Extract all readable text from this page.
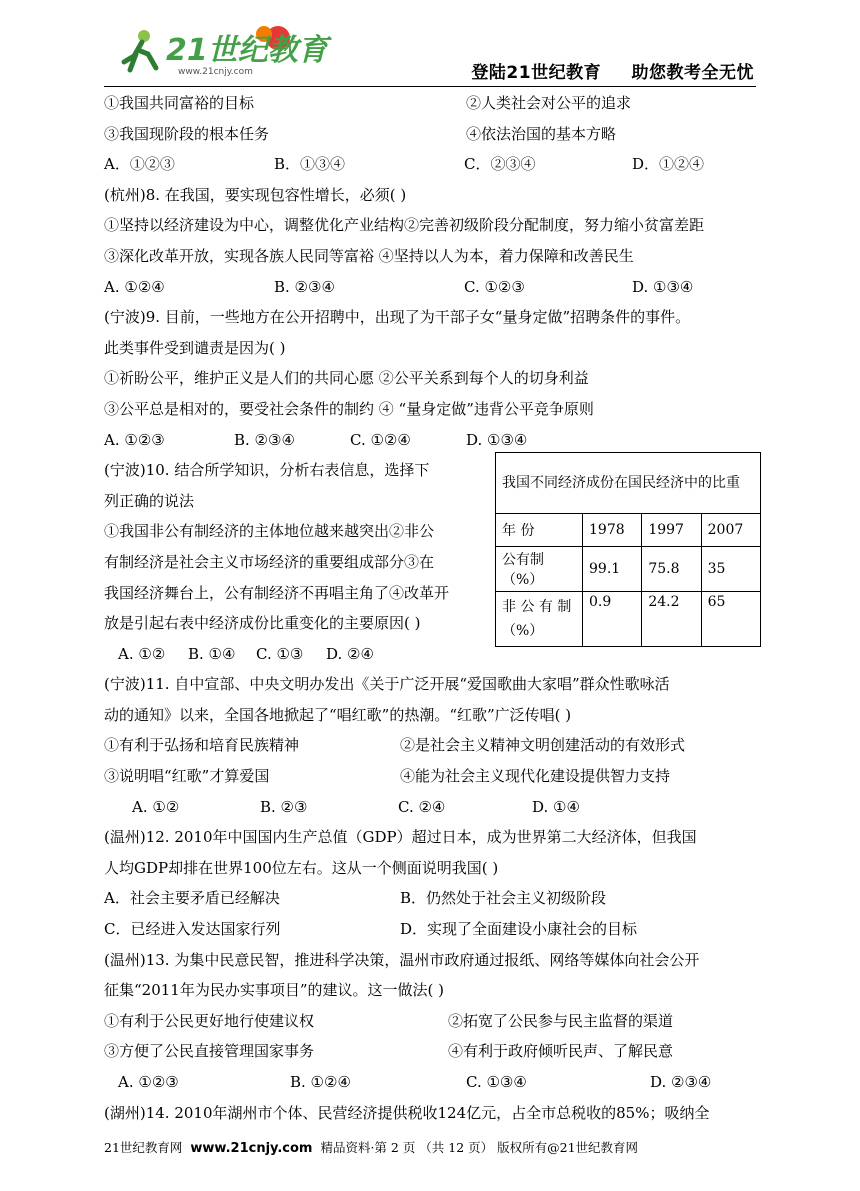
21世纪教育
www.21cnjy.com	登陆21世纪教育 助您教考全无忧
①我国共同富裕的目标	②人类社会对公平的追求
③我国现阶段的根本任务	④依法治国的基本方略
A．①②③	B．①③④	C．②③④	D．①②④
(杭州)8. 在我国，要实现包容性增长，必须( )
①坚持以经济建设为中心，调整优化产业结构②完善初级阶段分配制度，努力缩小贫富差距
③深化改革开放，实现各族人民同等富裕 ④坚持以人为本，着力保障和改善民生
A. ①②④	B. ②③④	C. ①②③	D. ①③④
(宁波)9. 目前，一些地方在公开招聘中，出现了为干部子女“量身定做”招聘条件的事件。
此类事件受到谴责是因为( )
①祈盼公平，维护正义是人们的共同心愿 ②公平关系到每个人的切身利益
③公平总是相对的，要受社会条件的制约 ④ “量身定做”违背公平竞争原则
A. ①②③	B. ②③④	C. ①②④	D. ①③④
(宁波)10. 结合所学知识，分析右表信息，选择下
列正确的说法
①我国非公有制经济的主体地位越来越突出②非公
有制经济是社会主义市场经济的重要组成部分③在
我国经济舞台上，公有制经济不再唱主角了④改革开
放是引起右表中经济成份比重变化的主要原因( )
A. ①② B. ①④ C. ①③ D. ②④
(宁波)11. 自中宣部、中央文明办发出《关于广泛开展“爱国歌曲大家唱”群众性歌咏活
动的通知》以来，全国各地掀起了“唱红歌”的热潮。“红歌”广泛传唱( )
①有利于弘扬和培育民族精神	②是社会主义精神文明创建活动的有效形式
③说明唱“红歌”才算爱国	④能为社会主义现代化建设提供智力支持
A. ①②	B. ②③	C. ②④	D. ①④
(温州)12. 2010年中国国内生产总值（GDP）超过日本，成为世界第二大经济体，但我国
人均GDP却排在世界100位左右。这从一个侧面说明我国( )
A．社会主要矛盾已经解决	B．仍然处于社会主义初级阶段
C．已经进入发达国家行列	D．实现了全面建设小康社会的目标
(温州)13. 为集中民意民智，推进科学决策，温州市政府通过报纸、网络等媒体向社会公开
征集“2011年为民办实事项目”的建议。这一做法( )
①有利于公民更好地行使建议权	②拓宽了公民参与民主监督的渠道
③方便了公民直接管理国家事务	④有利于政府倾听民声、了解民意
A. ①②③	B. ①②④	C. ①③④	D. ②③④
(湖州)14. 2010年湖州市个体、民营经济提供税收124亿元，占全市总税收的85%；吸纳全
我国不同经济成份在国民经济中的比重			
年 份	1978	1997	2007
公有制（%）	99.1	75.8	35
非 公 有 制（%）	0.9	24.2	65
21世纪教育网 www.21cnjy.com 精品资料·第 2 页 （共 12 页） 版权所有@21世纪教育网
